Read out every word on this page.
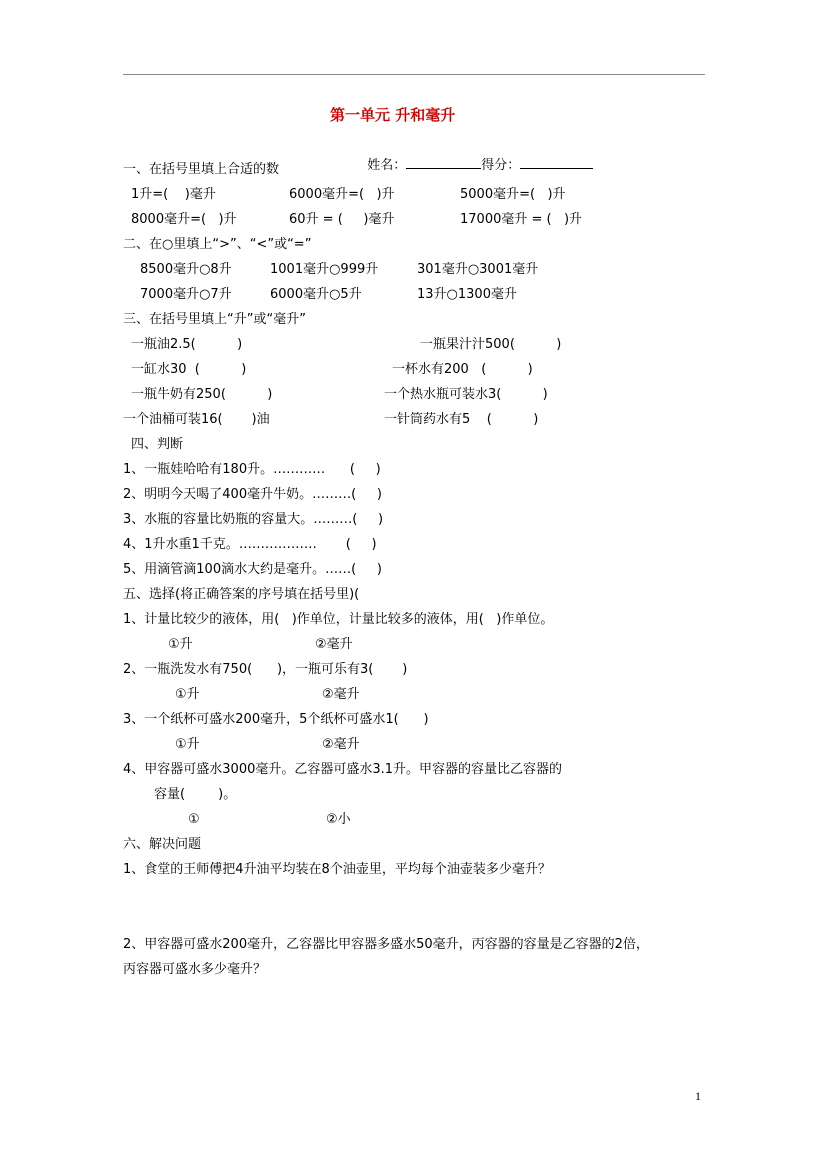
第一单元 升和毫升

姓名：	得分：

一、在括号里填上合适的数
1升=(    )毫升	6000毫升=(   )升	5000毫升=(   )升
8000毫升=(   )升	60升 = (     )毫升	17000毫升 = (   )升
二、在○里填上“>”、“<”或“=”
8500毫升○8升	1001毫升○999升	301毫升○3001毫升
7000毫升○7升	6000毫升○5升	13升○1300毫升
三、在括号里填上“升”或“毫升”
一瓶油2.5(          )	一瓶果汁汁500(          )
一缸水30  (          )	一杯水有200   (          )
一瓶牛奶有250(          )	一个热水瓶可装水3(          )
一个油桶可装16(       )油	一针筒药水有5    (          )
四、判断
1、一瓶娃哈哈有180升。…………      (     )
2、明明今天喝了400毫升牛奶。………(     )
3、水瓶的容量比奶瓶的容量大。………(     )
4、1升水重1千克。………………       (     )
5、用滴管滴100滴水大约是毫升。……(     )
五、选择(将正确答案的序号填在括号里)(
1、计量比较少的液体，用(   )作单位，计量比较多的液体，用(   )作单位。
①升	②毫升
2、一瓶洗发水有750(      )，一瓶可乐有3(       )
①升	②毫升
3、一个纸杯可盛水200毫升，5个纸杯可盛水1(      )
①升	②毫升
4、甲容器可盛水3000毫升。乙容器可盛水3.1升。甲容器的容量比乙容器的
容量(        )。
①	②小
六、解决问题
1、食堂的王师傅把4升油平均装在8个油壶里，平均每个油壶装多少毫升？
2、甲容器可盛水200毫升，乙容器比甲容器多盛水50毫升，丙容器的容量是乙容器的2倍，
丙容器可盛水多少毫升？
1
